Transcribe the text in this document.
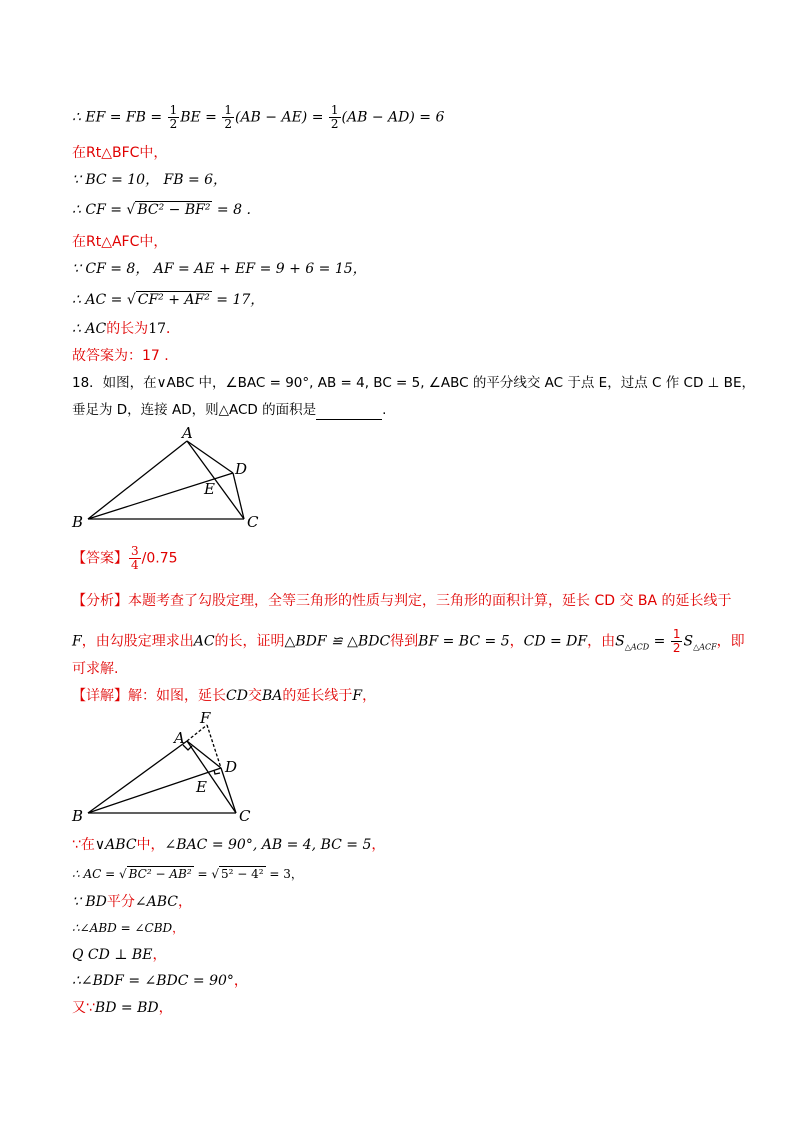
∴ EF = FB = $\frac{1}{2}$ BE = $\frac{1}{2} (AB - AE) = \frac{1}{2} (AB - AD) = 6$
在Rt△BFC中，
∵ BC = 10， FB = 6，
∴ CF = √ BC² − BF² = 8 .
在Rt△AFC中，
∵ CF = 8， AF = AE + EF = 9 + 6 = 15，
∴ AC = √ CF² + AF² = 17，
∴ AC的长为17．
故答案为：17 .
18．如图，在∨ABC 中，∠BAC = 90°, AB = 4, BC = 5, ∠ABC 的平分线交 AC 于点 E，过点 C 作 CD ⊥ BE，
垂足为 D，连接 AD，则△ACD 的面积是	.
A
B	C
D
E
【答案】 $\frac{3}{4} /0.75$
【分析】本题考查了勾股定理，全等三角形的性质与判定，三角形的面积计算，延长 CD 交 BA 的延长线于
F，由勾股定理求出AC的长，证明△BDF ≌ △BDC得到BF = BC = 5，CD = DF，由$S_{\triangle ACD} = \frac{1}{2} S_{\triangle ACF}$，即
可求解.
【详解】解：如图，延长CD交BA的延长线于F，
A
F
B	C
D
E
∵在∨ABC中，∠BAC = 90°, AB = 4, BC = 5，
∴ AC = √ BC² − AB² = √ 5² − 4² = 3，
∵ BD平分∠ABC，
∴∠ABD = ∠CBD，
Q CD ⊥ BE，
∴∠BDF = ∠BDC = 90°，
又∵BD = BD，
